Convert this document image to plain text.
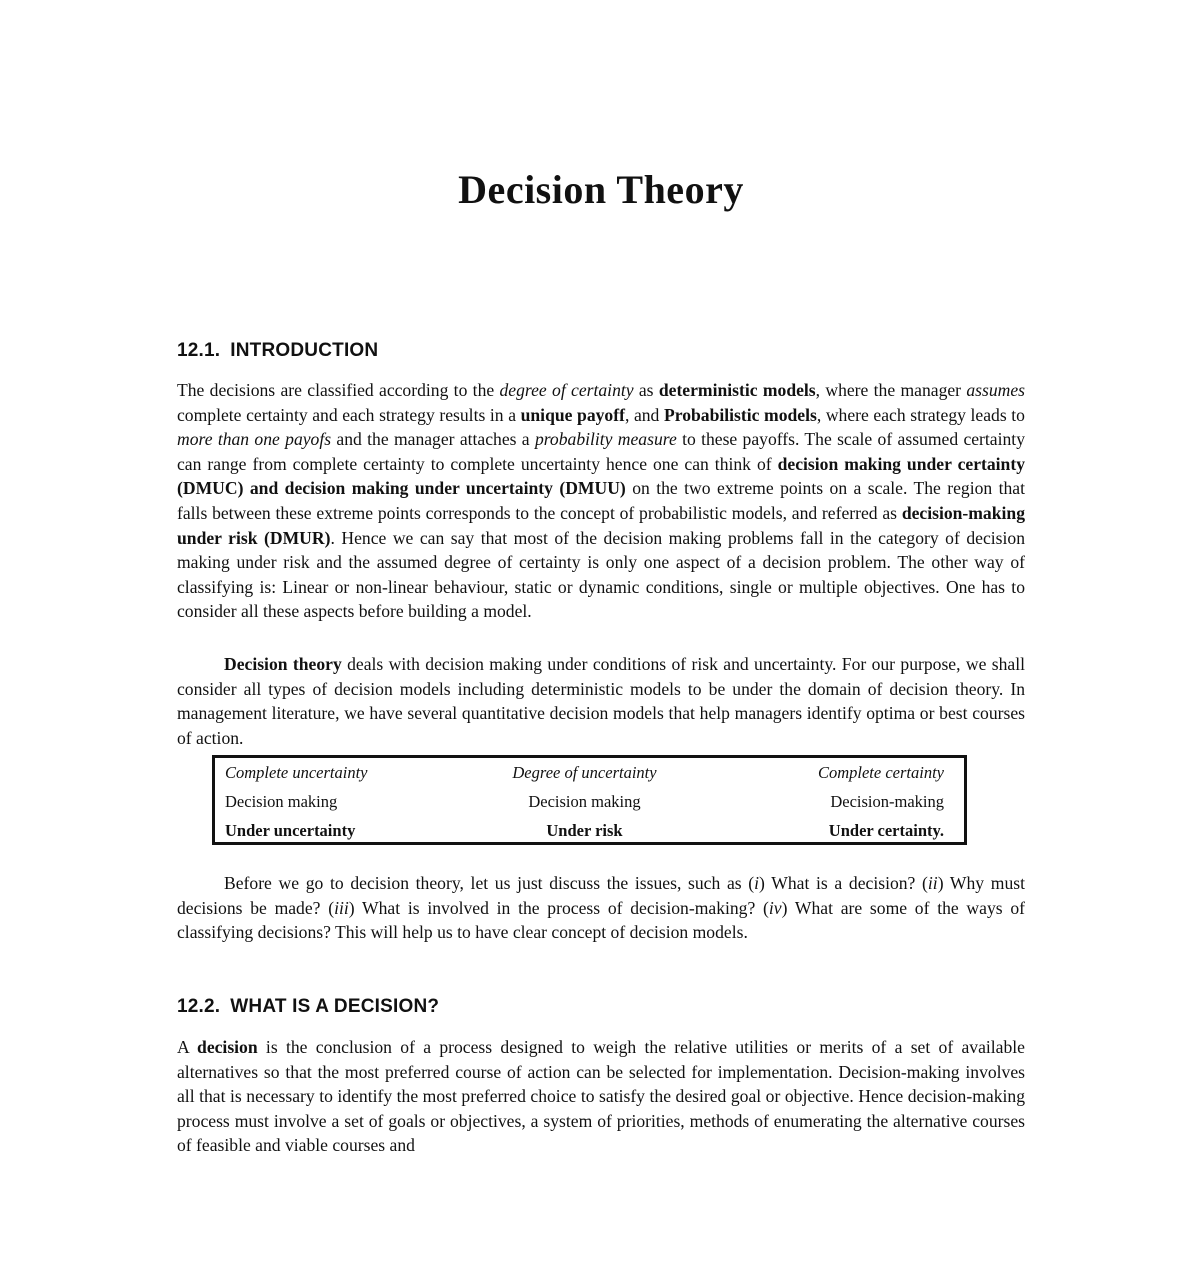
Decision Theory
12.1. INTRODUCTION

The decisions are classified according to the degree of certainty as deterministic models, where the manager assumes complete certainty and each strategy results in a unique payoff, and Probabilistic models, where each strategy leads to more than one payofs and the manager attaches a probability measure to these payoffs. The scale of assumed certainty can range from complete certainty to complete uncertainty hence one can think of decision making under certainty (DMUC) and decision making under uncertainty (DMUU) on the two extreme points on a scale. The region that falls between these extreme points corresponds to the concept of probabilistic models, and referred as decision-making under risk (DMUR). Hence we can say that most of the decision making problems fall in the category of decision making under risk and the assumed degree of certainty is only one aspect of a decision problem. The other way of classifying is: Linear or non-linear behaviour, static or dynamic conditions, single or multiple objectives. One has to consider all these aspects before building a model.

Decision theory deals with decision making under conditions of risk and uncertainty. For our purpose, we shall consider all types of decision models including deterministic models to be under the domain of decision theory. In management literature, we have several quantitative decision models that help managers identify optima or best courses of action.

Complete uncertainty	Degree of uncertainty	Complete certainty
Decision making	Decision making	Decision-making
Under uncertainty	Under risk	Under certainty.

Before we go to decision theory, let us just discuss the issues, such as (i) What is a decision? (ii) Why must decisions be made? (iii) What is involved in the process of decision-making? (iv) What are some of the ways of classifying decisions? This will help us to have clear concept of decision models.

12.2. WHAT IS A DECISION?

A decision is the conclusion of a process designed to weigh the relative utilities or merits of a set of available alternatives so that the most preferred course of action can be selected for implementation. Decision-making involves all that is necessary to identify the most preferred choice to satisfy the desired goal or objective. Hence decision-making process must involve a set of goals or objectives, a system of priorities, methods of enumerating the alternative courses of feasible and viable courses and
